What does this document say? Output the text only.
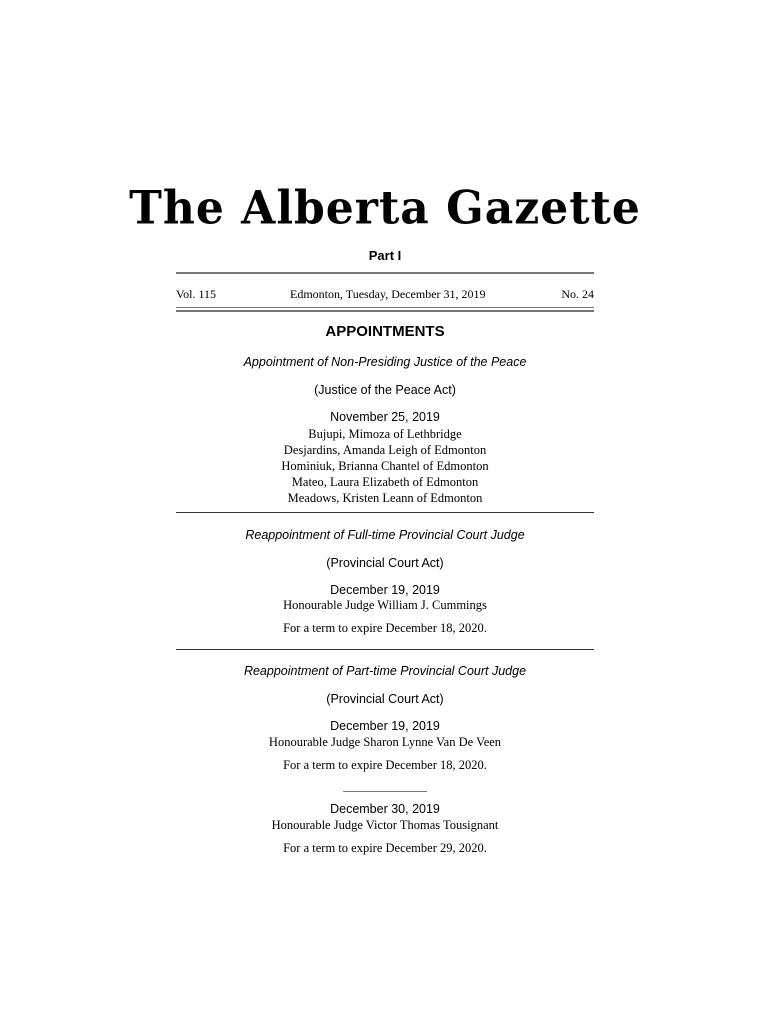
The Alberta Gazette
Part I
Vol. 115	Edmonton, Tuesday, December 31, 2019	No. 24
APPOINTMENTS
Appointment of Non-Presiding Justice of the Peace
(Justice of the Peace Act)
November 25, 2019
Bujupi, Mimoza of Lethbridge
Desjardins, Amanda Leigh of Edmonton
Hominiuk, Brianna Chantel of Edmonton
Mateo, Laura Elizabeth of Edmonton
Meadows, Kristen Leann of Edmonton
Reappointment of Full-time Provincial Court Judge
(Provincial Court Act)
December 19, 2019
Honourable Judge William J. Cummings
For a term to expire December 18, 2020.
Reappointment of Part-time Provincial Court Judge
(Provincial Court Act)
December 19, 2019
Honourable Judge Sharon Lynne Van De Veen
For a term to expire December 18, 2020.
December 30, 2019
Honourable Judge Victor Thomas Tousignant
For a term to expire December 29, 2020.
